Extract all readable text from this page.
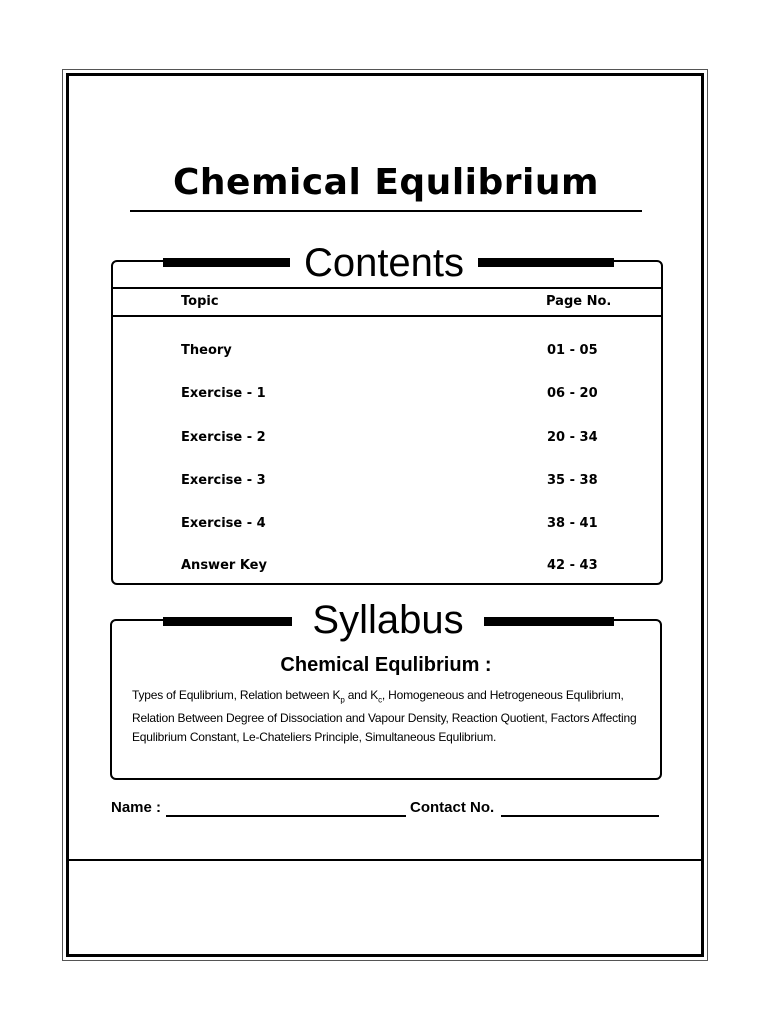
Chemical Equlibrium
Contents
Topic	Page No.
Theory	01 - 05
Exercise - 1	06 - 20
Exercise - 2	20 - 34
Exercise - 3	35 - 38
Exercise - 4	38 - 41
Answer Key	42 - 43
Syllabus
Chemical Equlibrium :
Types of Equlibrium, Relation between $K_p$ and $K_c$, Homogeneous and Hetrogeneous Equlibrium, Relation Between Degree of Dissociation and Vapour Density, Reaction Quotient, Factors Affecting Equlibrium Constant, Le-Chateliers Principle, Simultaneous Equlibrium.
Name :	Contact No.
